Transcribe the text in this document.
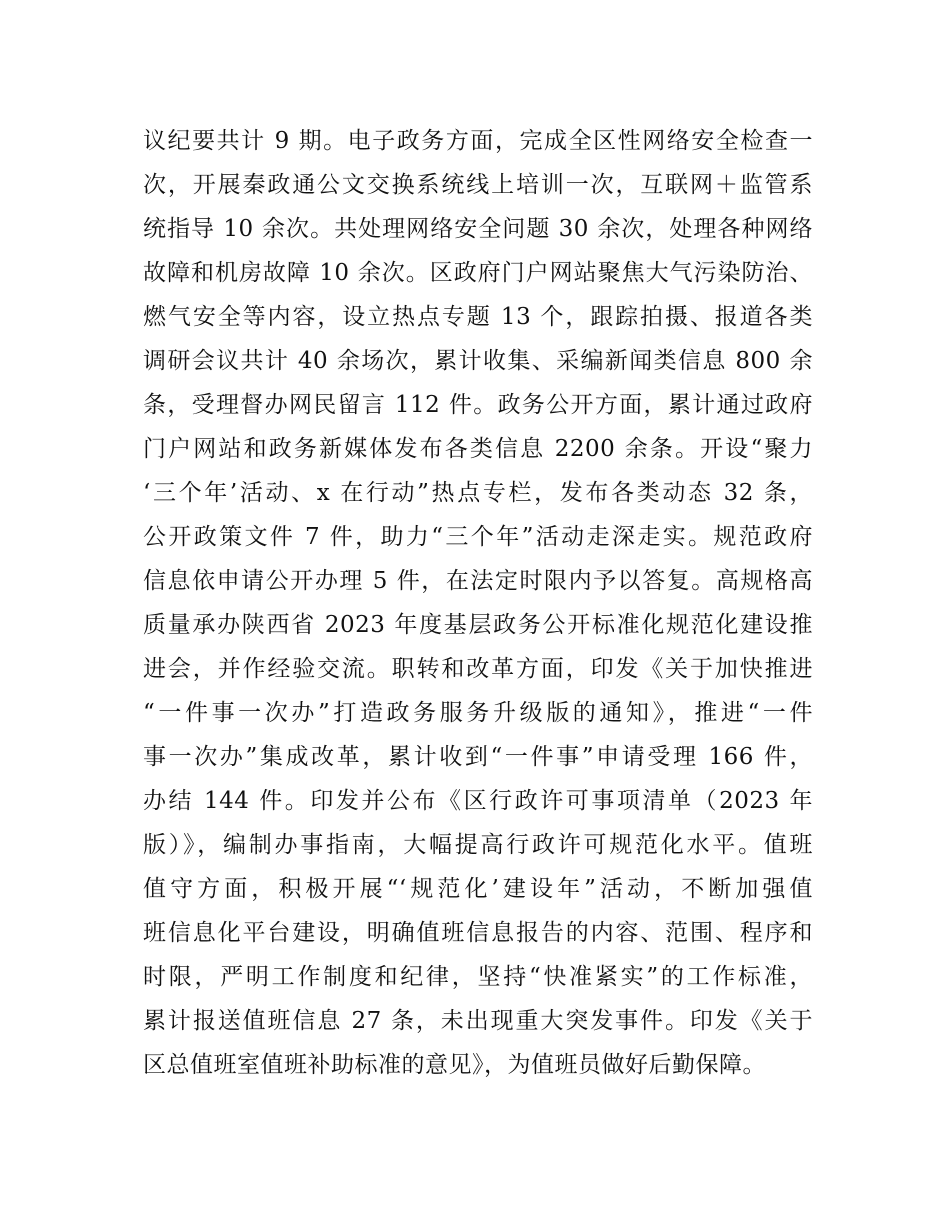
议纪要共计 9 期。电子政务方面，完成全区性网络安全检查一
次，开展秦政通公文交换系统线上培训一次，互联网＋监管系
统指导 10 余次。共处理网络安全问题 30 余次，处理各种网络
故障和机房故障 10 余次。区政府门户网站聚焦大气污染防治、
燃气安全等内容，设立热点专题 13 个，跟踪拍摄、报道各类
调研会议共计 40 余场次，累计收集、采编新闻类信息 800 余
条，受理督办网民留言 112 件。政务公开方面，累计通过政府
门户网站和政务新媒体发布各类信息 2200 余条。开设“聚力
‘三个年’活动、x 在行动”热点专栏，发布各类动态 32 条，
公开政策文件 7 件，助力“三个年”活动走深走实。规范政府
信息依申请公开办理 5 件，在法定时限内予以答复。高规格高
质量承办陕西省 2023 年度基层政务公开标准化规范化建设推
进会，并作经验交流。职转和改革方面，印发《关于加快推进
“一件事一次办”打造政务服务升级版的通知》，推进“一件
事一次办”集成改革，累计收到“一件事”申请受理 166 件，
办结 144 件。印发并公布《区行政许可事项清单（2023 年
版）》，编制办事指南，大幅提高行政许可规范化水平。值班
值守方面，积极开展“‘规范化’建设年”活动，不断加强值
班信息化平台建设，明确值班信息报告的内容、范围、程序和
时限，严明工作制度和纪律，坚持“快准紧实”的工作标准，
累计报送值班信息 27 条，未出现重大突发事件。印发《关于
区总值班室值班补助标准的意见》，为值班员做好后勤保障。
